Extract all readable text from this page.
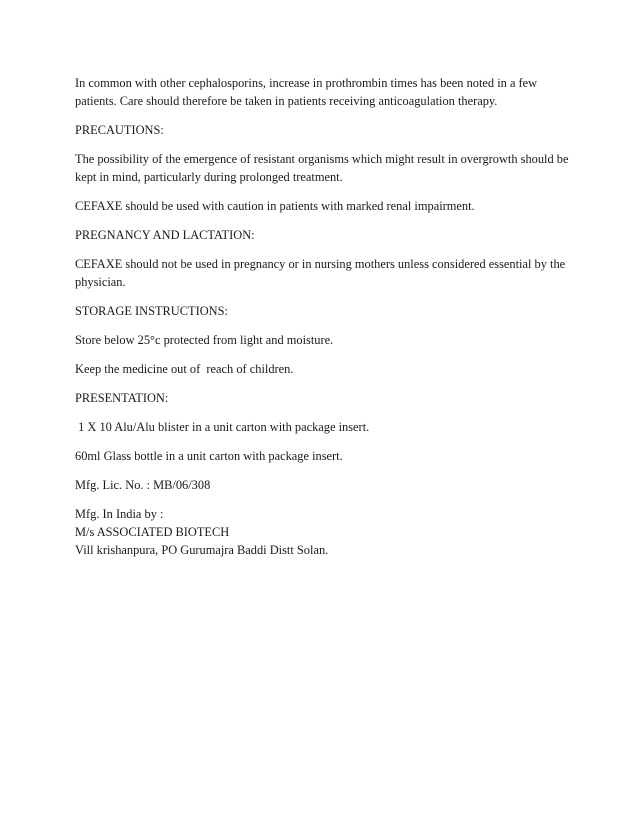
In common with other cephalosporins, increase in prothrombin times has been noted in a few patients. Care should therefore be taken in patients receiving anticoagulation therapy.

PRECAUTIONS:

The possibility of the emergence of resistant organisms which might result in overgrowth should be kept in mind, particularly during prolonged treatment.

CEFAXE should be used with caution in patients with marked renal impairment.

PREGNANCY AND LACTATION:

CEFAXE should not be used in pregnancy or in nursing mothers unless considered essential by the physician.

STORAGE INSTRUCTIONS:

Store below 25°c protected from light and moisture.

Keep the medicine out of  reach of children.

PRESENTATION:

1 X 10 Alu/Alu blister in a unit carton with package insert.

60ml Glass bottle in a unit carton with package insert.

Mfg. Lic. No. : MB/06/308

Mfg. In India by :

M/s ASSOCIATED BIOTECH

Vill krishanpura, PO Gurumajra Baddi Distt Solan.
